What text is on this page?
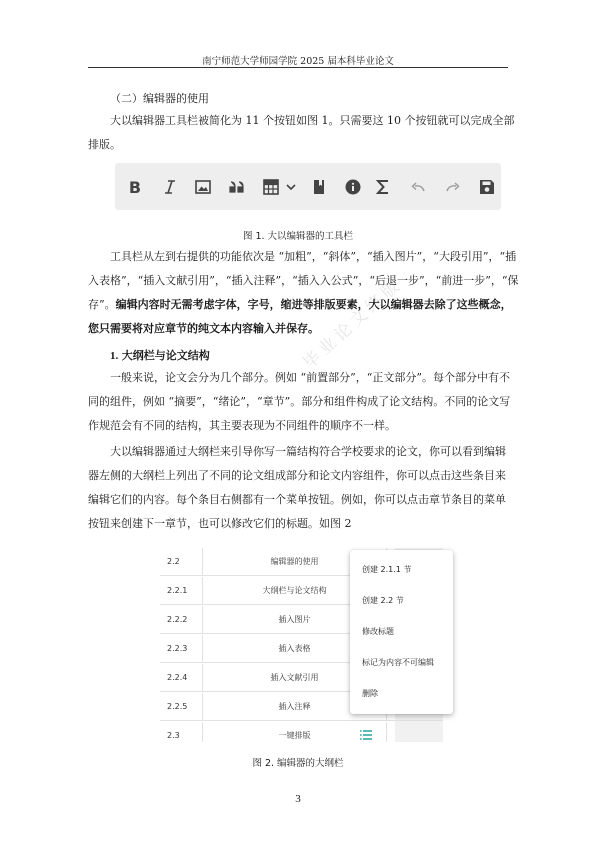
南宁师范大学师园学院 2025 届本科毕业论文
毕业论文终版
（二）编辑器的使用
大以编辑器工具栏被简化为 11 个按钮如图 1。只需要这 10 个按钮就可以完成全部
排版。
B
图 1. 大以编辑器的工具栏
工具栏从左到右提供的功能依次是 “加粗”，“斜体”，“插入图片”，“大段引用”，“插
入表格”，“插入文献引用”，“插入注释”，“插入入公式”，“后退一步”，“前进一步”，“保
存”。编辑内容时无需考虑字体，字号，缩进等排版要素，大以编辑器去除了这些概念，
您只需要将对应章节的纯文本内容输入并保存。
1. 大纲栏与论文结构
一般来说，论文会分为几个部分。例如 “前置部分”，“正文部分”。每个部分中有不
同的组件，例如 “摘要”，“绪论”，“章节”。部分和组件构成了论文结构。不同的论文写
作规范会有不同的结构，其主要表现为不同组件的顺序不一样。
大以编辑器通过大纲栏来引导你写一篇结构符合学校要求的论文，你可以看到编辑
器左侧的大纲栏上列出了不同的论文组成部分和论文内容组件，你可以点击这些条目来
编辑它们的内容。每个条目右侧都有一个菜单按钮。例如，你可以点击章节条目的菜单
按钮来创建下一章节，也可以修改它们的标题。如图 2
2.2	编辑器的使用
2.2.1	大纲栏与论文结构
2.2.2	插入图片
2.2.3	插入表格
2.2.4	插入文献引用
2.2.5	插入注释
2.3	一键排版
创建 2.1.1 节
创建 2.2 节
修改标题
标记为内容不可编辑
删除
图 2. 编辑器的大纲栏
3
